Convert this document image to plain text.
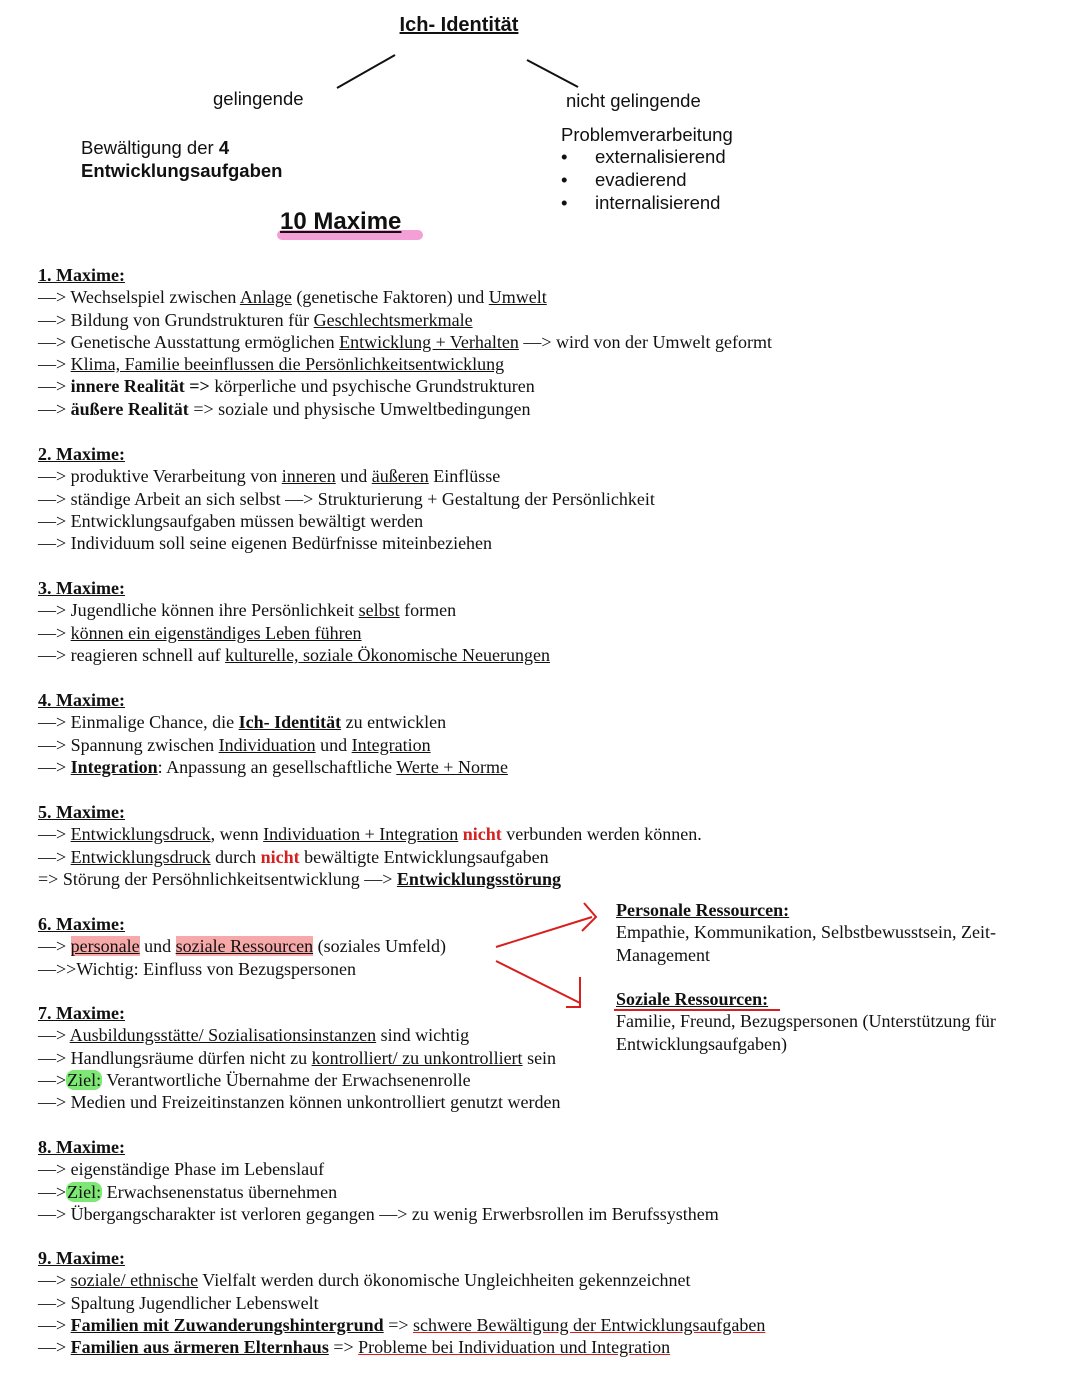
Ich- Identität
gelingende	nicht gelingende
Bewältigung der 4
Entwicklungsaufgaben
Problemverarbeitung
• externalisierend
• evadierend
• internalisierend
10 Maxime
1. Maxime:
—> Wechselspiel zwischen Anlage (genetische Faktoren) und Umwelt
—> Bildung von Grundstrukturen für Geschlechtsmerkmale
—> Genetische Ausstattung ermöglichen Entwicklung + Verhalten —> wird von der Umwelt geformt
—> Klima, Familie beeinflussen die Persönlichkeitsentwicklung
—> innere Realität => körperliche und psychische Grundstrukturen
—> äußere Realität => soziale und physische Umweltbedingungen
2. Maxime:
—> produktive Verarbeitung von inneren und äußeren Einflüsse
—> ständige Arbeit an sich selbst —> Strukturierung + Gestaltung der Persönlichkeit
—> Entwicklungsaufgaben müssen bewältigt werden
—> Individuum soll seine eigenen Bedürfnisse miteinbeziehen
3. Maxime:
—> Jugendliche können ihre Persönlichkeit selbst formen
—> können ein eigenständiges Leben führen
—> reagieren schnell auf kulturelle, soziale Ökonomische Neuerungen
4. Maxime:
—> Einmalige Chance, die Ich- Identität zu entwicklen
—> Spannung zwischen Individuation und Integration
—> Integration: Anpassung an gesellschaftliche Werte + Norme
5. Maxime:
—> Entwicklungsdruck, wenn Individuation + Integration nicht verbunden werden können.
—> Entwicklungsdruck durch nicht bewältigte Entwicklungsaufgaben
=> Störung der Persöhnlichkeitsentwicklung —> Entwicklungsstörung
6. Maxime:
—> personale und soziale Ressourcen (soziales Umfeld)
—>>Wichtig: Einfluss von Bezugspersonen
Personale Ressourcen:
Empathie, Kommunikation, Selbstbewusstsein, Zeit-Management
Soziale Ressourcen:
Familie, Freund, Bezugspersonen (Unterstützung für Entwicklungsaufgaben)
7. Maxime:
—> Ausbildungsstätte/ Sozialisationsinstanzen sind wichtig
—> Handlungsräume dürfen nicht zu kontrolliert/ zu unkontrolliert sein
—>Ziel: Verantwortliche Übernahme der Erwachsenenrolle
—> Medien und Freizeitinstanzen können unkontrolliert genutzt werden
8. Maxime:
—> eigenständige Phase im Lebenslauf
—>Ziel: Erwachsenenstatus übernehmen
—> Übergangscharakter ist verloren gegangen —> zu wenig Erwerbsrollen im Berufssysthem
9. Maxime:
—> soziale/ ethnische Vielfalt werden durch ökonomische Ungleichheiten gekennzeichnet
—> Spaltung Jugendlicher Lebenswelt
—> Familien mit Zuwanderungshintergrund => schwere Bewältigung der Entwicklungsaufgaben
—> Familien aus ärmeren Elternhaus => Probleme bei Individuation und Integration
